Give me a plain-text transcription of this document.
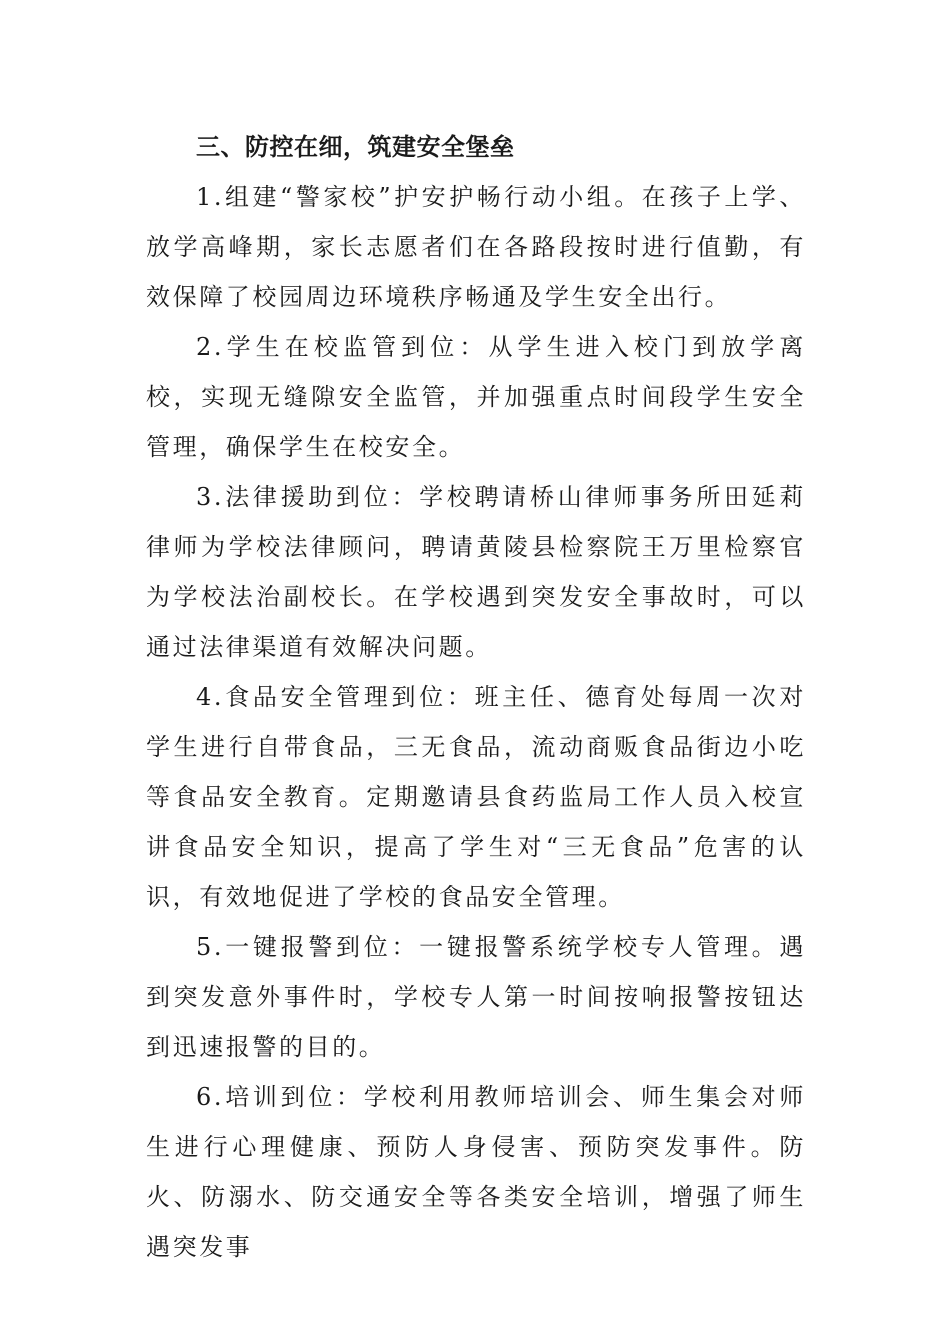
三、防控在细，筑建安全堡垒

1.组建“警家校”护安护畅行动小组。在孩子上学、放学高峰期，家长志愿者们在各路段按时进行值勤，有效保障了校园周边环境秩序畅通及学生安全出行。

2.学生在校监管到位：从学生进入校门到放学离校，实现无缝隙安全监管，并加强重点时间段学生安全管理，确保学生在校安全。

3.法律援助到位：学校聘请桥山律师事务所田延莉律师为学校法律顾问，聘请黄陵县检察院王万里检察官为学校法治副校长。在学校遇到突发安全事故时，可以通过法律渠道有效解决问题。

4.食品安全管理到位：班主任、德育处每周一次对学生进行自带食品，三无食品，流动商贩食品街边小吃等食品安全教育。定期邀请县食药监局工作人员入校宣讲食品安全知识，提高了学生对“三无食品”危害的认识，有效地促进了学校的食品安全管理。

5.一键报警到位：一键报警系统学校专人管理。遇到突发意外事件时，学校专人第一时间按响报警按钮达到迅速报警的目的。

6.培训到位：学校利用教师培训会、师生集会对师生进行心理健康、预防人身侵害、预防突发事件。防火、防溺水、防交通安全等各类安全培训，增强了师生遇突发事
